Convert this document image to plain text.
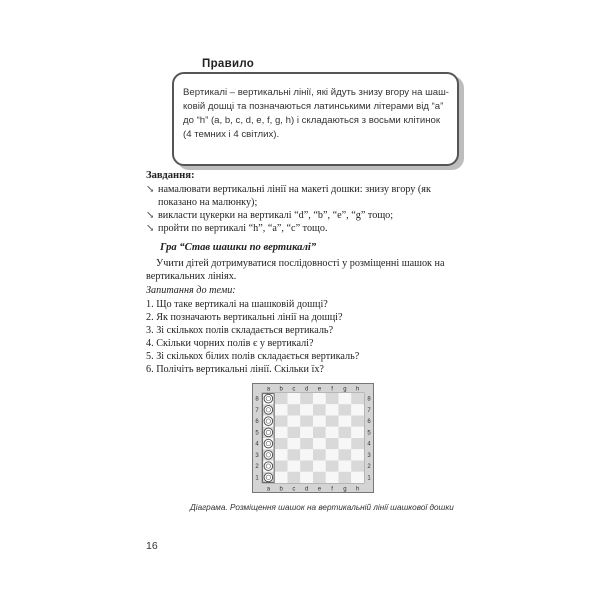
Правило
Вертикалі – вертикальні лінії, які йдуть знизу вгору на шаш-
ковій дошці та позначаються латинськими літерами від “a”
до “h” (a, b, c, d, e, f, g, h) і складаються з восьми клітинок
(4 темних і 4 світлих).
Завдання:
↘ намалювати вертикальні лінії на макеті дошки: знизу вгору (як
показано на малюнку);
↘ викласти цукерки на вертикалі “d”, “b”, “e”, “g” тощо;
↘ пройти по вертикалі “h”, “a”, “c” тощо.
Гра “Став шашки по вертикалі”
Учити дітей дотримуватися послідовності у розміщенні шашок на
вертикальних лініях.
Запитання до теми:
1. Що таке вертикалі на шашковій дошці?
2. Як позначають вертикальні лінії на дошці?
3. Зі скількох полів складається вертикаль?
4. Скільки чорних полів є у вертикалі?
5. Зі скількох білих полів складається вертикаль?
6. Полічіть вертикальні лінії. Скільки їх?
a
a
b
b
c
c
d
d
e
e
f
f
g
g
h
h
8	8
7	7
6	6
5	5
4	4
3	3
2	2
1	1
Діаграма. Розміщення шашок на вертикальній лінії шашкової дошки
16
